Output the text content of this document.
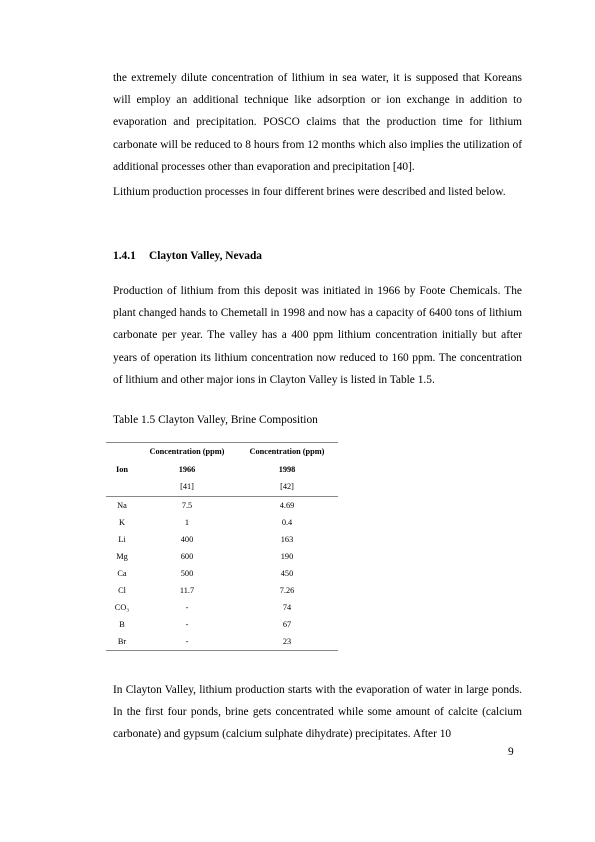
the extremely dilute concentration of lithium in sea water, it is supposed that Koreans will employ an additional technique like adsorption or ion exchange in addition to evaporation and precipitation. POSCO claims that the production time for lithium carbonate will be reduced to 8 hours from 12 months which also implies the utilization of additional processes other than evaporation and precipitation [40].

Lithium production processes in four different brines were described and listed below.

1.4.1 Clayton Valley, Nevada

Production of lithium from this deposit was initiated in 1966 by Foote Chemicals. The plant changed hands to Chemetall in 1998 and now has a capacity of 6400 tons of lithium carbonate per year. The valley has a 400 ppm lithium concentration initially but after years of operation its lithium concentration now reduced to 160 ppm. The concentration of lithium and other major ions in Clayton Valley is listed in Table 1.5.

Table 1.5 Clayton Valley, Brine Composition
	Concentration (ppm)	Concentration (ppm)
Ion	1966	1998
	[41]	[42]
Na	7.5	4.69
K	1	0.4
Li	400	163
Mg	600	190
Ca	500	450
Cl	11.7	7.26
CO₃	-	74
B	-	67
Br	-	23

In Clayton Valley, lithium production starts with the evaporation of water in large ponds. In the first four ponds, brine gets concentrated while some amount of calcite (calcium carbonate) and gypsum (calcium sulphate dihydrate) precipitates. After 10

9
